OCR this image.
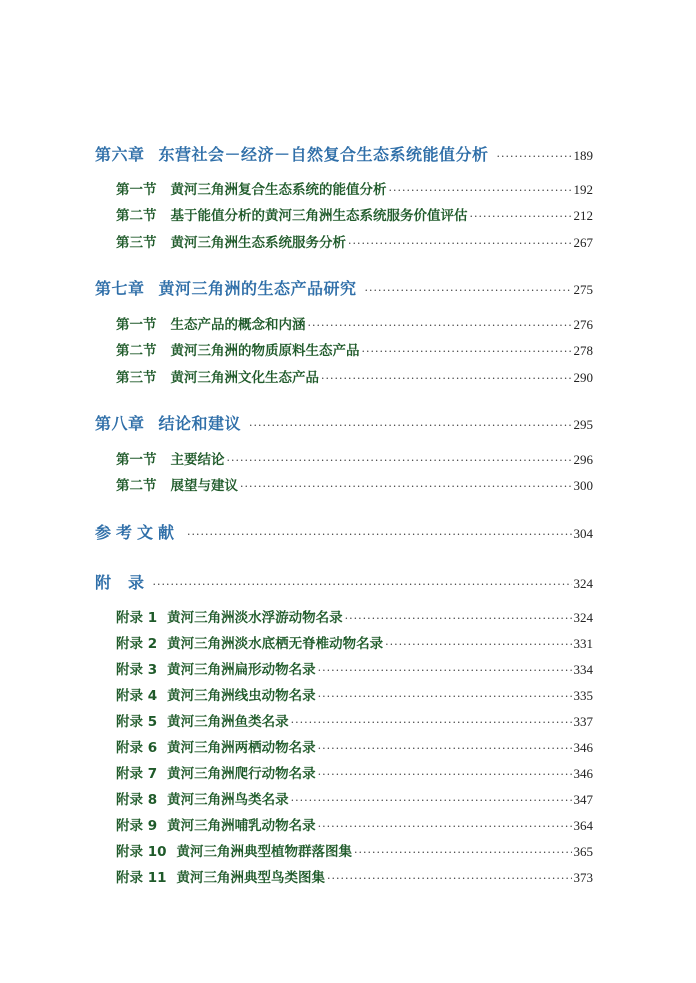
第六章 东营社会－经济－自然复合生态系统能值分析 ·····	189
第一节 黄河三角洲复合生态系统的能值分析 ·····	192
第二节 基于能值分析的黄河三角洲生态系统服务价值评估 ·····	212
第三节 黄河三角洲生态系统服务分析 ·····	267
第七章 黄河三角洲的生态产品研究 ·····	275
第一节 生态产品的概念和内涵 ·····	276
第二节 黄河三角洲的物质原料生态产品 ·····	278
第三节 黄河三角洲文化生态产品 ·····	290
第八章 结论和建议 ·····	295
第一节 主要结论 ·····	296
第二节 展望与建议 ·····	300
参考文献 ·····	304
附　录 ·····	324
附录 1 黄河三角洲淡水浮游动物名录 ·····	324
附录 2 黄河三角洲淡水底栖无脊椎动物名录 ·····	331
附录 3 黄河三角洲扁形动物名录 ·····	334
附录 4 黄河三角洲线虫动物名录 ·····	335
附录 5 黄河三角洲鱼类名录 ·····	337
附录 6 黄河三角洲两栖动物名录 ·····	346
附录 7 黄河三角洲爬行动物名录 ·····	346
附录 8 黄河三角洲鸟类名录 ·····	347
附录 9 黄河三角洲哺乳动物名录 ·····	364
附录 10 黄河三角洲典型植物群落图集 ·····	365
附录 11 黄河三角洲典型鸟类图集 ·····	373
